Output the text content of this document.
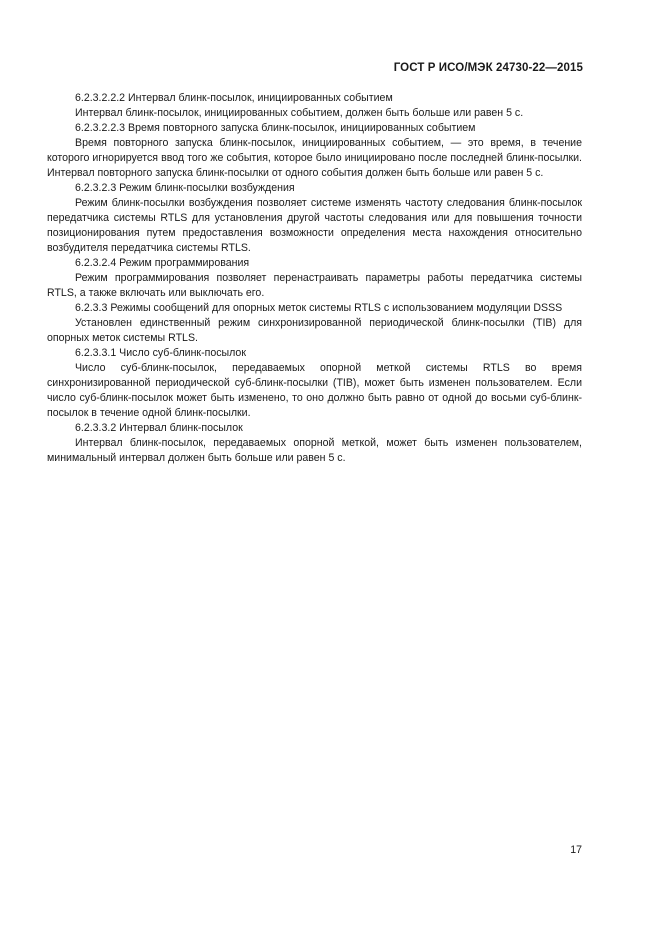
ГОСТ Р ИСО/МЭК 24730-22—2015

6.2.3.2.2.2 Интервал блинк-посылок, инициированных событием

Интервал блинк-посылок, инициированных событием, должен быть больше или равен 5 с.

6.2.3.2.2.3 Время повторного запуска блинк-посылок, инициированных событием

Время повторного запуска блинк-посылок, инициированных событием, — это время, в течение которого игнорируется ввод того же события, которое было инициировано после последней блинк-посылки. Интервал повторного запуска блинк-посылки от одного события должен быть больше или равен 5 с.

6.2.3.2.3 Режим блинк-посылки возбуждения

Режим блинк-посылки возбуждения позволяет системе изменять частоту следования блинк-посылок передатчика системы RTLS для установления другой частоты следования или для повышения точности позиционирования путем предоставления возможности определения места нахождения относительно возбудителя передатчика системы RTLS.

6.2.3.2.4 Режим программирования

Режим программирования позволяет перенастраивать параметры работы передатчика системы RTLS, а также включать или выключать его.

6.2.3.3 Режимы сообщений для опорных меток системы RTLS с использованием модуляции DSSS

Установлен единственный режим синхронизированной периодической блинк-посылки (TIB) для опорных меток системы RTLS.

6.2.3.3.1 Число суб-блинк-посылок

Число суб-блинк-посылок, передаваемых опорной меткой системы RTLS во время синхронизированной периодической суб-блинк-посылки (TIB), может быть изменен пользователем. Если число суб-блинк-посылок может быть изменено, то оно должно быть равно от одной до восьми суб-блинк-посылок в течение одной блинк-посылки.

6.2.3.3.2 Интервал блинк-посылок

Интервал блинк-посылок, передаваемых опорной меткой, может быть изменен пользователем, минимальный интервал должен быть больше или равен 5 с.

17
